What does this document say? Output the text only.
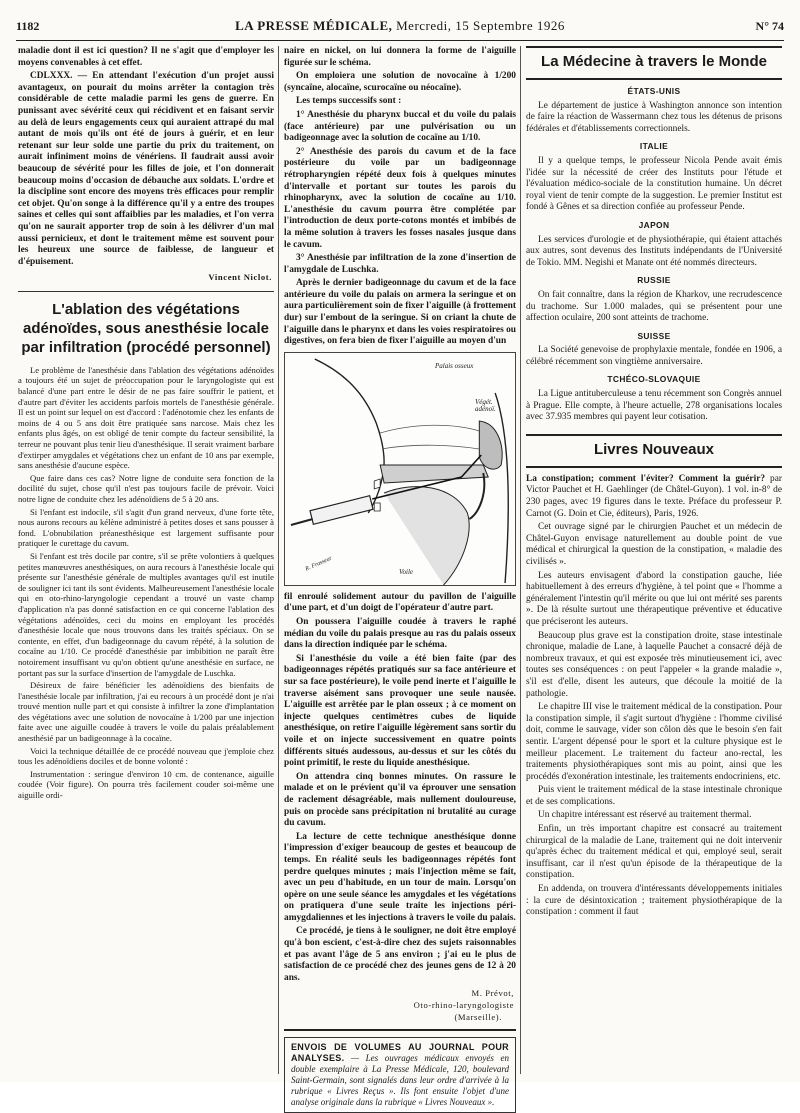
1182	LA PRESSE MÉDICALE, Mercredi, 15 Septembre 1926	N° 74

maladie dont il est ici question? Il ne s'agit que d'employer les moyens convenables à cet effet.

CDLXXX. — En attendant l'exécution d'un projet aussi avantageux, on pourait du moins arrêter la contagion très considérable de cette maladie parmi les gens de guerre. En punissant avec sévérité ceux qui récidivent et en faisant servir au delà de leurs engagements ceux qui auraient attrapé du mal autant de mois qu'ils ont été de jours à guérir, et en leur retenant sur leur solde une partie du prix du traitement, on aurait infiniment moins de vénériens. Il faudrait aussi avoir beaucoup de sévérité pour les filles de joie, et l'on donnerait beaucoup moins d'occasion de débauche aux soldats. L'ordre et la discipline sont encore des moyens très efficaces pour remplir cet objet. Qu'on songe à la différence qu'il y a entre des troupes saines et celles qui sont affaiblies par les maladies, et l'on verra qu'on ne saurait apporter trop de soin à les délivrer d'un mal aussi pernicieux, et dont le traitement même est souvent pour les heureux une source de faiblesse, de langueur et d'épuisement.

Vincent Niclot.
L'ablation des végétations adénoïdes, sous anesthésie locale par infiltration (procédé personnel)

Le problème de l'anesthésie dans l'ablation des végétations adénoïdes a toujours été un sujet de préoccupation pour le laryngologiste qui est balancé d'une part entre le désir de ne pas faire souffrir le patient, et d'autre part d'éviter les accidents parfois mortels de l'anesthésie générale. Il est un point sur lequel on est d'accord : l'adénotomie chez les enfants de moins de 4 ou 5 ans doit être pratiquée sans narcose. Mais chez les enfants plus âgés, on est obligé de tenir compte du facteur sensibilité, la terreur ne pouvant plus tenir lieu d'anesthésique. Il serait vraiment barbare d'extirper amygdales et végétations chez un enfant de 10 ans par exemple, sans anesthésie d'aucune espèce.

Que faire dans ces cas? Notre ligne de conduite sera fonction de la docilité du sujet, chose qu'il n'est pas toujours facile de prévoir. Voici notre ligne de conduite chez les adénoïdiens de 5 à 20 ans.

Si l'enfant est indocile, s'il s'agit d'un grand nerveux, d'une forte tête, nous aurons recours au kélène administré à petites doses et sans pousser à fond. L'obnubilation préanesthésique est largement suffisante pour pratiquer le curettage du cavum.

Si l'enfant est très docile par contre, s'il se prête volontiers à quelques petites manœuvres anesthésiques, on aura recours à l'anesthésie locale qui présente sur l'anesthésie générale de multiples avantages qu'il est inutile de souligner ici tant ils sont évidents. Malheureusement l'anesthésie locale qui en oto-rhino-laryngologie cependant a trouvé un vaste champ d'application n'a pas donné satisfaction en ce qui concerne l'ablation des végétations adénoïdes, ceci du moins en employant les procédés d'anesthésie locale que nous trouvons dans les traités spéciaux. On se contente, en effet, d'un badigeonnage du cavum répété, à la solution de cocaïne au 1/10. Ce procédé d'anesthésie par imbibition ne paraît être notoirement insuffisant vu qu'on obtient qu'une anesthésie en surface, ne portant pas sur la surface d'insertion de l'amygdale de Luschka.

Désireux de faire bénéficier les adénoïdiens des bienfaits de l'anesthésie locale par infiltration, j'ai eu recours à un procédé dont je n'ai trouvé mention nulle part et qui consiste à infiltrer la zone d'implantation des végétations avec une solution de novocaïne à 1/200 par une injection faite avec une aiguille coudée à travers le voile du palais préalablement anesthésié par un badigeonnage à la cocaïne.

Voici la technique détaillée de ce procédé nouveau que j'emploie chez tous les adénoïdiens dociles et de bonne volonté :

Instrumentation : seringue d'environ 10 cm. de contenance, aiguille coudée (Voir figure). On pourra très facilement couder soi-même une aiguille ordi-

naire en nickel, on lui donnera la forme de l'aiguille figurée sur le schéma.

On emploiera une solution de novocaïne à 1/200 (syncaïne, alocaïne, scurocaïne ou néocaïne).

Les temps successifs sont :

1° Anesthésie du pharynx buccal et du voile du palais (face antérieure) par une pulvérisation ou un badigeonnage avec la solution de cocaïne au 1/10.

2° Anesthésie des parois du cavum et de la face postérieure du voile par un badigeonnage rétropharyngien répété deux fois à quelques minutes d'intervalle et portant sur toutes les parois du rhinopharynx, avec la solution de cocaïne au 1/10. L'anesthésie du cavum pourra être complétée par l'introduction de deux porte-cotons montés et imbibés de la même solution à travers les fosses nasales jusque dans le cavum.

3° Anesthésie par infiltration de la zone d'insertion de l'amygdale de Luschka.

Après le dernier badigeonnage du cavum et de la face antérieure du voile du palais on armera la seringue et on aura particulièrement soin de fixer l'aiguille (à frottement dur) sur l'embout de la seringue. Si on criant la chute de l'aiguille dans le pharynx et dans les voies respiratoires ou digestives, on fera bien de fixer l'aiguille au moyen d'un

Palais osseux
Végét. adénoï.
Voile
R. Frasseur

fil enroulé solidement autour du pavillon de l'aiguille d'une part, et d'un doigt de l'opérateur d'autre part.

On poussera l'aiguille coudée à travers le raphé médian du voile du palais presque au ras du palais osseux dans la direction indiquée par le schéma.

Si l'anesthésie du voile a été bien faite (par des badigeonnages répétés pratiqués sur sa face antérieure et sur sa face postérieure), le voile pend inerte et l'aiguille le traverse aisément sans provoquer une seule nausée. L'aiguille est arrêtée par le plan osseux ; à ce moment on injecte quelques centimètres cubes de liquide anesthésique, on retire l'aiguille légèrement sans sortir du voile et on injecte successivement en quatre points différents situés audessous, au-dessus et sur les côtés du point primitif, le reste du liquide anesthésique.

On attendra cinq bonnes minutes. On rassure le malade et on le prévient qu'il va éprouver une sensation de raclement désagréable, mais nullement douloureuse, puis on procède sans précipitation ni brutalité au curage du cavum.

La lecture de cette technique anesthésique donne l'impression d'exiger beaucoup de gestes et beaucoup de temps. En réalité seuls les badigeonnages répétés font perdre quelques minutes ; mais l'injection même se fait, avec un peu d'habitude, en un tour de main. Lorsqu'on opère on une seule séance les amygdales et les végétations on pratiquera d'une seule traite les injections péri-amygdaliennes et les injections à travers le voile du palais.

Ce procédé, je tiens à le souligner, ne doit être employé qu'à bon escient, c'est-à-dire chez des sujets raisonnables et pas avant l'âge de 5 ans environ ; j'ai eu le plus de satisfaction de ce procédé chez des jeunes gens de 12 à 20 ans.

M. Prévot,
Oto-rhino-laryngologiste
(Marseille).
ENVOIS DE VOLUMES AU JOURNAL POUR ANALYSES. — Les ouvrages médicaux envoyés en double exemplaire à La Presse Médicale, 120, boulevard Saint-Germain, sont signalés dans leur ordre d'arrivée à la rubrique « Livres Reçus ». Ils font ensuite l'objet d'une analyse originale dans la rubrique « Livres Nouveaux ».
La Médecine à travers le Monde
ÉTATS-UNIS

Le département de justice à Washington annonce son intention de faire la réaction de Wassermann chez tous les détenus de prisons fédérales et d'établissements correctionnels.

ITALIE

Il y a quelque temps, le professeur Nicola Pende avait émis l'idée sur la nécessité de créer des Instituts pour l'étude et l'évaluation médico-sociale de la constitution humaine. Un décret royal vient de tenir compte de la suggestion. Le premier Institut est fondé à Gênes et sa direction confiée au professeur Pende.

JAPON

Les services d'urologie et de physiothérapie, qui étaient attachés aux autres, sont devenus des Instituts indépendants de l'Université de Tokio. MM. Negishi et Manate ont été nommés directeurs.

RUSSIE

On fait connaître, dans la région de Kharkov, une recrudescence du trachome. Sur 1.000 malades, qui se présentent pour une affection oculaire, 200 sont atteints de trachome.

SUISSE

La Société genevoise de prophylaxie mentale, fondée en 1906, a célébré récemment son vingtième anniversaire.

TCHÉCO-SLOVAQUIE

La Ligue antituberculeuse a tenu récemment son Congrès annuel à Prague. Elle compte, à l'heure actuelle, 278 organisations locales avec 37.935 membres qui payent leur cotisation.

Livres Nouveaux

La constipation; comment l'éviter? Comment la guérir? par Victor Pauchet et H. Gaehlinger (de Châtel-Guyon). 1 vol. in-8° de 230 pages, avec 19 figures dans le texte. Préface du professeur P. Carnot (G. Doin et Cie, éditeurs), Paris, 1926.

Cet ouvrage signé par le chirurgien Pauchet et un médecin de Châtel-Guyon envisage naturellement au double point de vue médical et chirurgical la question de la constipation, « maladie des civilisés ».

Les auteurs envisagent d'abord la constipation gauche, liée habituellement à des erreurs d'hygiène, à tel point que « l'homme a généralement l'intestin qu'il mérite ou que lui ont mérité ses parents ». De là résulte surtout une thérapeutique préventive et éducative que préciseront les auteurs.

Beaucoup plus grave est la constipation droite, stase intestinale chronique, maladie de Lane, à laquelle Pauchet a consacré déjà de nombreux travaux, et qui est exposée très minutieusement ici, avec toutes ses conséquences : on peut l'appeler « la grande maladie », s'il est d'elle, disent les auteurs, que découle la moitié de la pathologie.

Le chapitre III vise le traitement médical de la constipation. Pour la constipation simple, il s'agit surtout d'hygiène : l'homme civilisé doit, comme le sauvage, vider son côlon dès que le besoin s'en fait sentir. L'argent dépensé pour le sport et la culture physique est le meilleur placement. Le traitement du facteur ano-rectal, les traitements physiothérapiques sont mis au point, ainsi que les procédés d'exonération intestinale, les traitements endocriniens, etc.

Puis vient le traitement médical de la stase intestinale chronique et de ses complications.

Un chapitre intéressant est réservé au traitement thermal.

Enfin, un très important chapitre est consacré au traitement chirurgical de la maladie de Lane, traitement qui ne doit intervenir qu'après échec du traitement médical et qui, employé seul, serait insuffisant, car il n'est qu'un épisode de la thérapeutique de la constipation.

En addenda, on trouvera d'intéressants développements initiales : la cure de désintoxication ; traitement physiothérapique de la constipation : comment il faut
